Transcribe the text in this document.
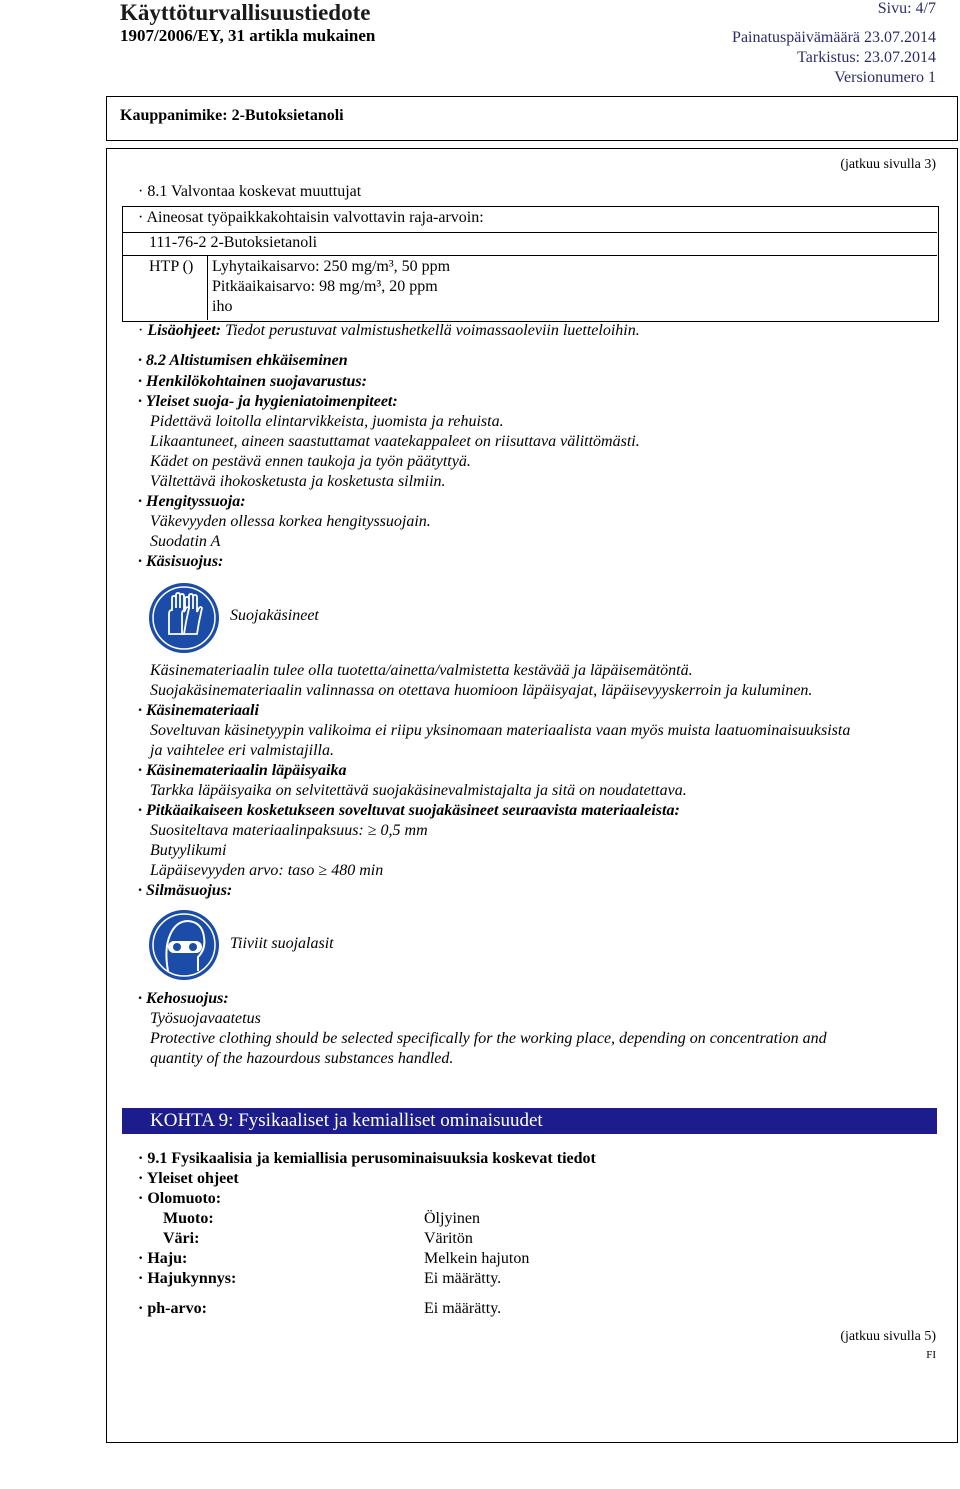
Käyttöturvallisuustiedote
1907/2006/EY, 31 artikla mukainen
Sivu: 4/7
Painatuspäivämäärä 23.07.2014
Tarkistus: 23.07.2014
Versionumero 1
Kauppanimike: 2-Butoksietanoli
(jatkuu sivulla 3)
· 8.1 Valvontaa koskevat muuttujat
· Aineosat työpaikkakohtaisin valvottavin raja-arvoin:
111-76-2 2-Butoksietanoli
HTP () Lyhytaikaisarvo: 250 mg/m³, 50 ppm
Pitkäaikaisarvo: 98 mg/m³, 20 ppm
iho
· Lisäohjeet: Tiedot perustuvat valmistushetkellä voimassaoleviin luetteloihin.
· 8.2 Altistumisen ehkäiseminen
· Henkilökohtainen suojavarustus:
· Yleiset suoja- ja hygieniatoimenpiteet:
Pidettävä loitolla elintarvikkeista, juomista ja rehuista.
Likaantuneet, aineen saastuttamat vaatekappaleet on riisuttava välittömästi.
Kädet on pestävä ennen taukoja ja työn päätyttyä.
Vältettävä ihokosketusta ja kosketusta silmiin.
· Hengityssuoja:
Väkevyyden ollessa korkea hengityssuojain.
Suodatin A
· Käsisuojus:
Suojakäsineet
Käsinemateriaalin tulee olla tuotetta/ainetta/valmistetta kestävää ja läpäisemätöntä.
Suojakäsinemateriaalin valinnassa on otettava huomioon läpäisyajat, läpäisevyyskerroin ja kuluminen.
· Käsinemateriaali
Soveltuvan käsinetyypin valikoima ei riipu yksinomaan materiaalista vaan myös muista laatuominaisuuksista
ja vaihtelee eri valmistajilla.
· Käsinemateriaalin läpäisyaika
Tarkka läpäisyaika on selvitettävä suojakäsinevalmistajalta ja sitä on noudatettava.
· Pitkäaikaiseen kosketukseen soveltuvat suojakäsineet seuraavista materiaaleista:
Suositeltava materiaalinpaksuus: ≥ 0,5 mm
Butyylikumi
Läpäisevyyden arvo: taso ≥ 480 min
· Silmäsuojus:
Tiiviit suojalasit
· Kehosuojus:
Työsuojavaatetus
Protective clothing should be selected specifically for the working place, depending on concentration and
quantity of the hazourdous substances handled.
KOHTA 9: Fysikaaliset ja kemialliset ominaisuudet
· 9.1 Fysikaalisia ja kemiallisia perusominaisuuksia koskevat tiedot
· Yleiset ohjeet
· Olomuoto:
Muoto:	Öljyinen
Väri:	Väritön
· Haju:	Melkein hajuton
· Hajukynnys:	Ei määrätty.
· ph-arvo:	Ei määrätty.
(jatkuu sivulla 5)
FI
